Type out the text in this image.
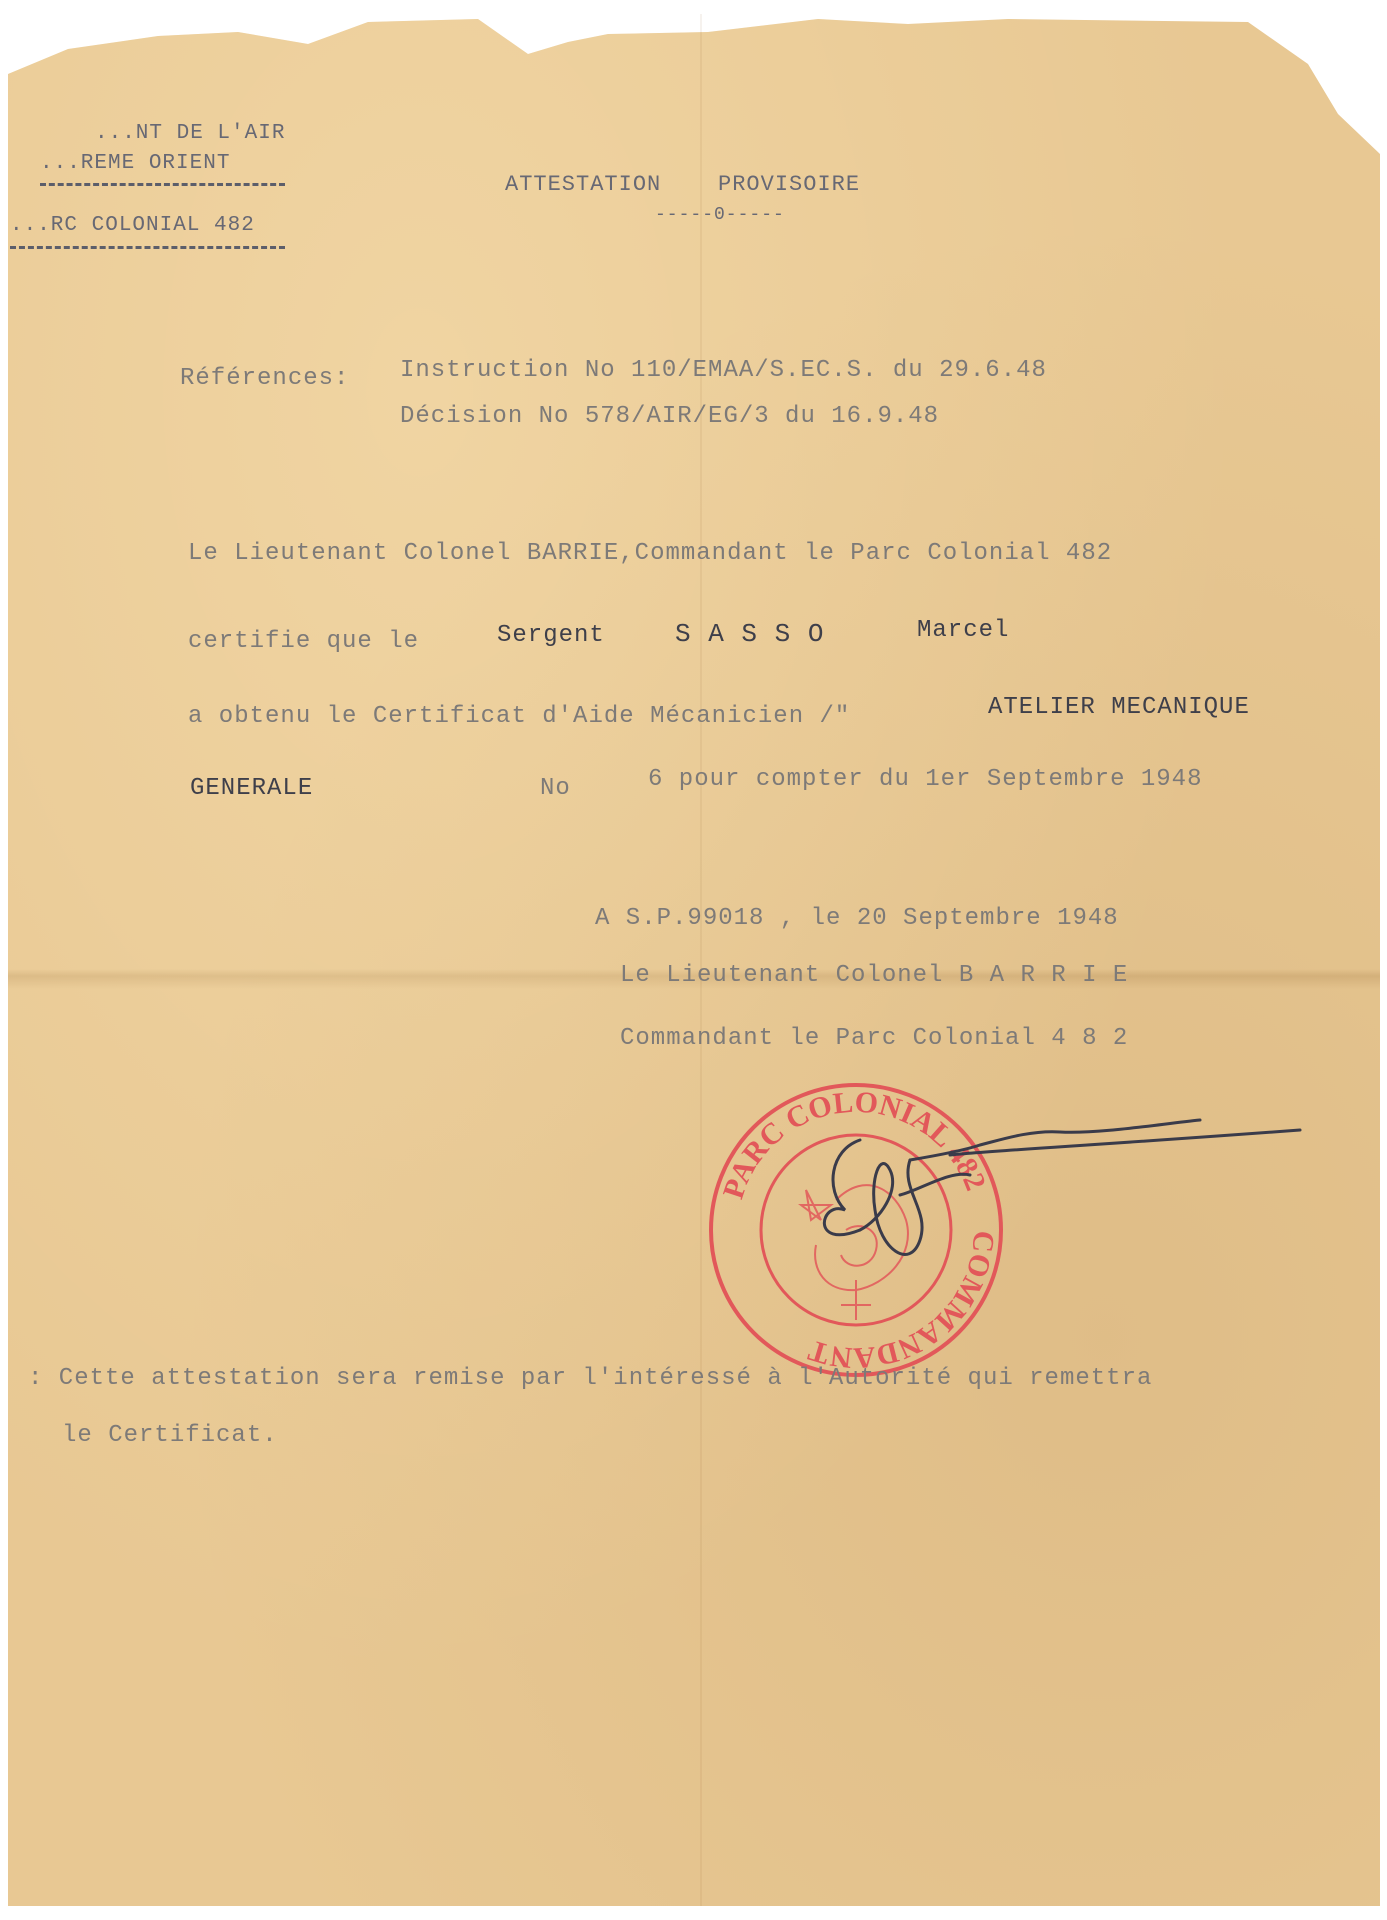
...NT DE L'AIR
...REME ORIENT
...RC COLONIAL 482
ATTESTATION    PROVISOIRE
-----0-----
Références: Instruction No 110/EMAA/S.EC.S. du 29.6.48
Décision No 578/AIR/EG/3 du 16.9.48
Le Lieutenant Colonel BARRIE,Commandant le Parc Colonial 482
certifie que le	Sergent	S A S S O	Marcel
a obtenu le Certificat d'Aide Mécanicien /"	ATELIER MECANIQUE
GENERALE	No	6 pour compter du 1er Septembre 1948
A S.P.99018 , le 20 Septembre 1948
Le Lieutenant Colonel B A R R I E
Commandant le Parc Colonial 4 8 2
PARC COLONIAL 482
COMMANDANT
: Cette attestation sera remise par l'intéressé à l'Autorité qui remettra
le Certificat.
